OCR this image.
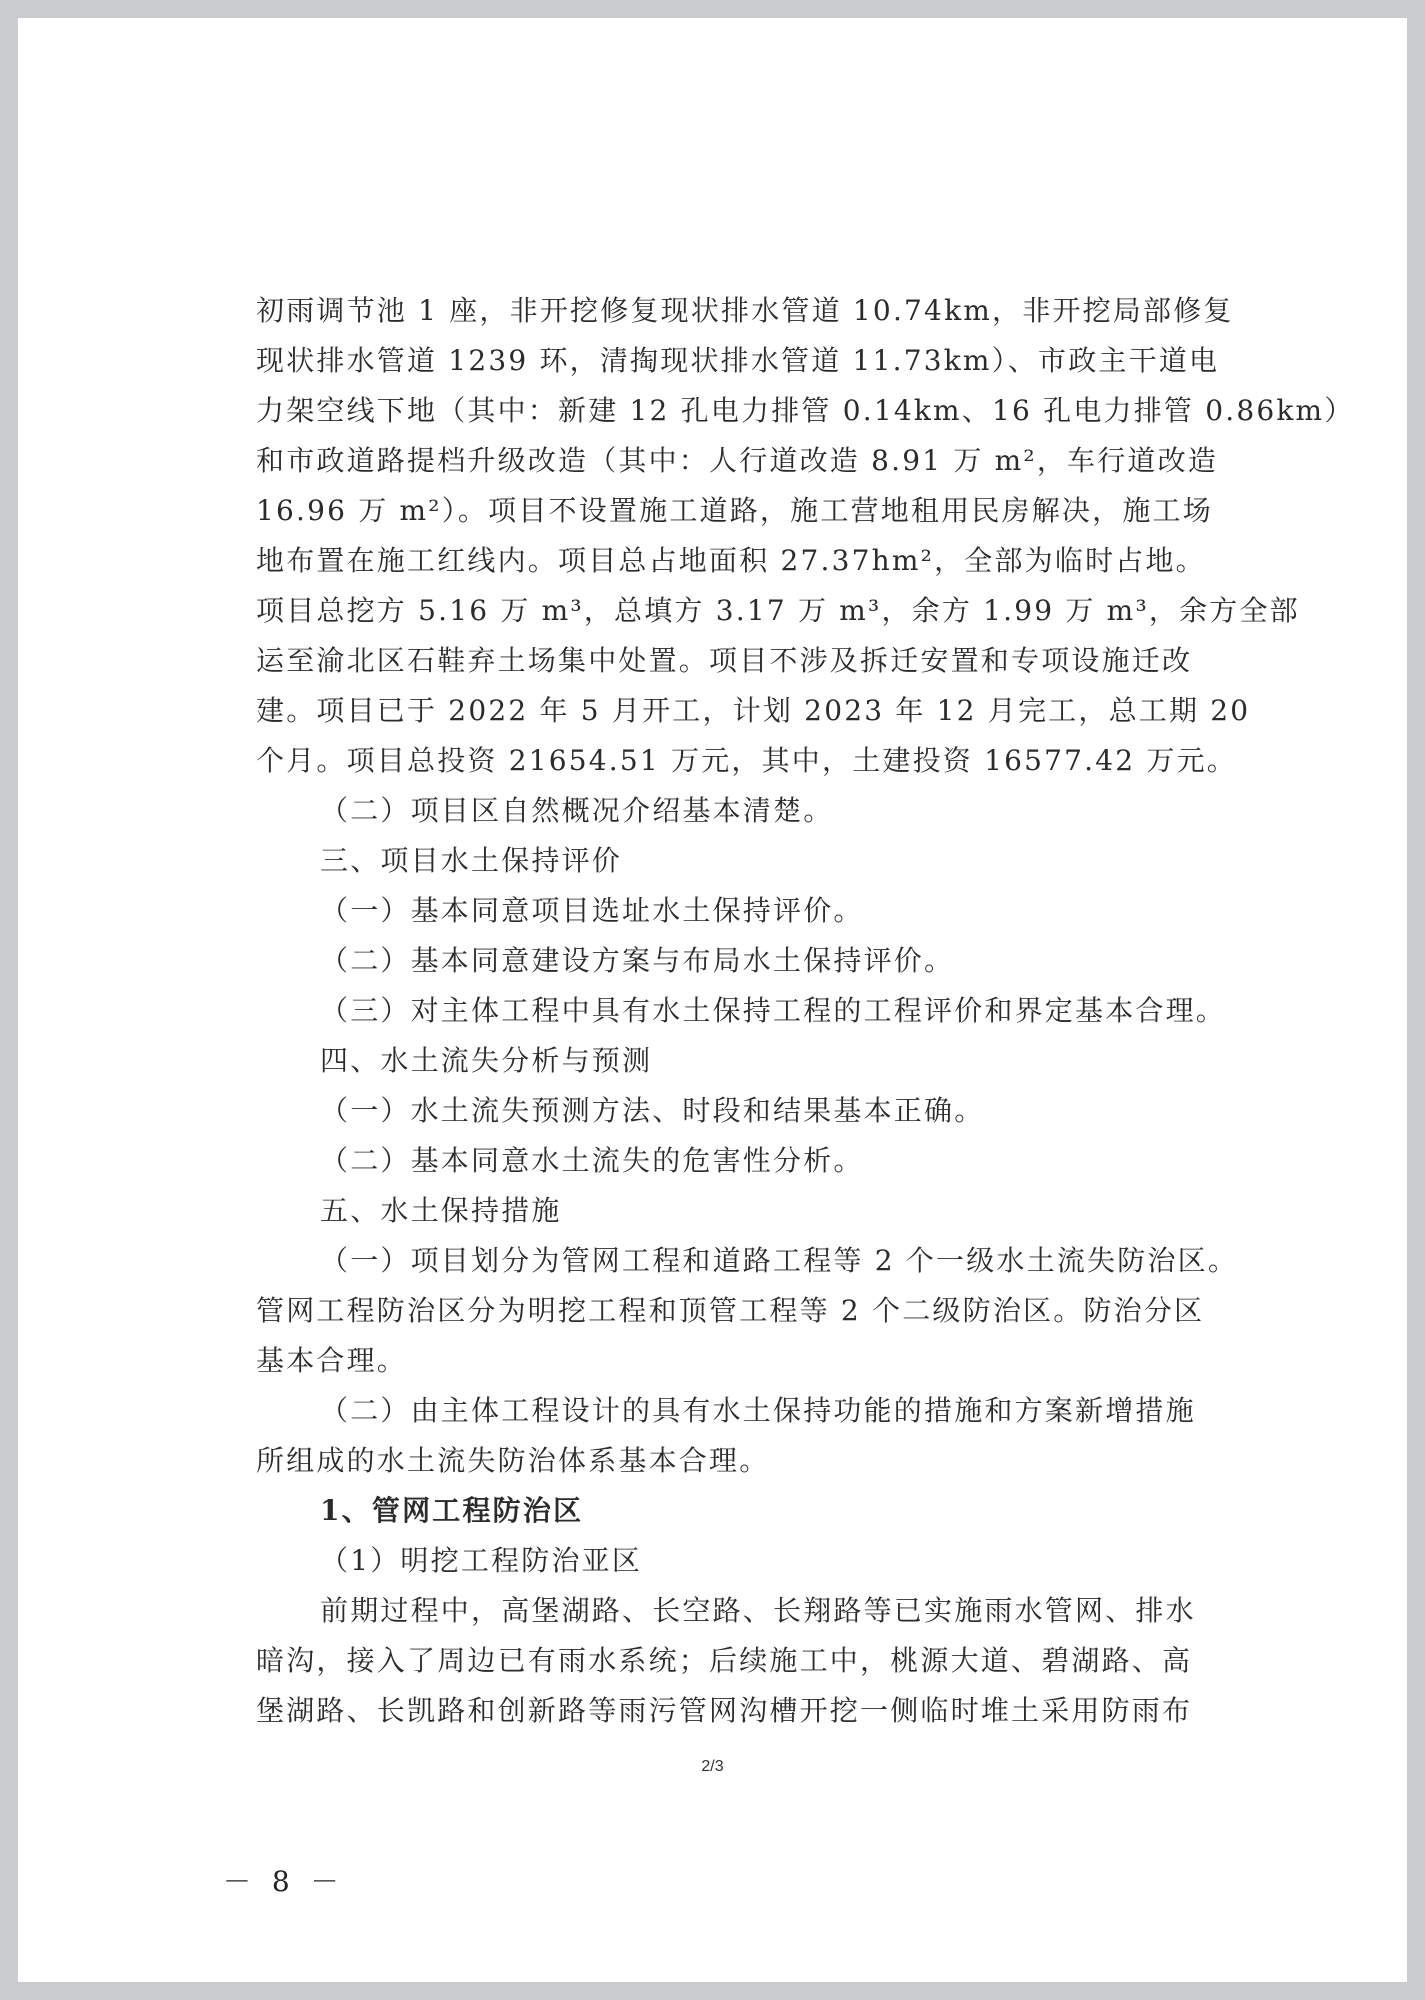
初雨调节池 1 座，非开挖修复现状排水管道 10.74km，非开挖局部修复
现状排水管道 1239 环，清掏现状排水管道 11.73km）、市政主干道电
力架空线下地（其中：新建 12 孔电力排管 0.14km、16 孔电力排管 0.86km）
和市政道路提档升级改造（其中：人行道改造 8.91 万 m²，车行道改造
16.96 万 m²）。项目不设置施工道路，施工营地租用民房解决，施工场
地布置在施工红线内。项目总占地面积 27.37hm²，全部为临时占地。
项目总挖方 5.16 万 m³，总填方 3.17 万 m³，余方 1.99 万 m³，余方全部
运至渝北区石鞋弃土场集中处置。项目不涉及拆迁安置和专项设施迁改
建。项目已于 2022 年 5 月开工，计划 2023 年 12 月完工，总工期 20
个月。项目总投资 21654.51 万元，其中，土建投资 16577.42 万元。
（二）项目区自然概况介绍基本清楚。
三、项目水土保持评价
（一）基本同意项目选址水土保持评价。
（二）基本同意建设方案与布局水土保持评价。
（三）对主体工程中具有水土保持工程的工程评价和界定基本合理。
四、水土流失分析与预测
（一）水土流失预测方法、时段和结果基本正确。
（二）基本同意水土流失的危害性分析。
五、水土保持措施
（一）项目划分为管网工程和道路工程等 2 个一级水土流失防治区。
管网工程防治区分为明挖工程和顶管工程等 2 个二级防治区。防治分区
基本合理。
（二）由主体工程设计的具有水土保持功能的措施和方案新增措施
所组成的水土流失防治体系基本合理。
1、管网工程防治区
（1）明挖工程防治亚区
前期过程中，高堡湖路、长空路、长翔路等已实施雨水管网、排水
暗沟，接入了周边已有雨水系统；后续施工中，桃源大道、碧湖路、高
堡湖路、长凯路和创新路等雨污管网沟槽开挖一侧临时堆土采用防雨布
2/3
－ 8 －
